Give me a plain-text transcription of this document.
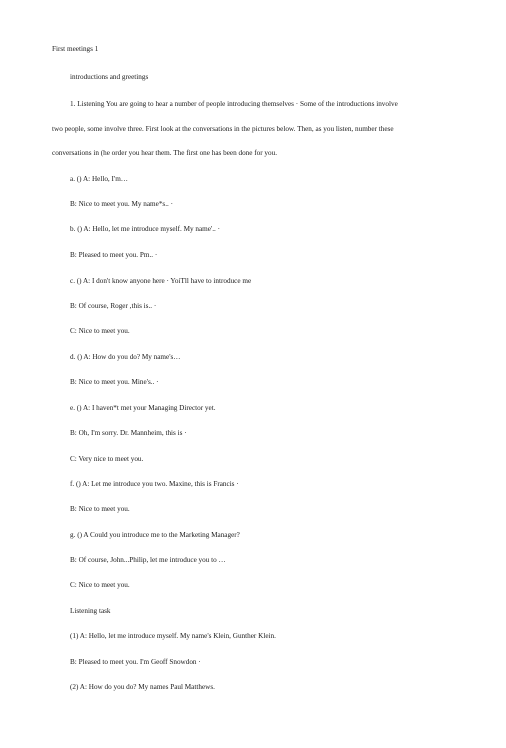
First meetings 1
introductions and greetings
1. Listening You are going to hear a number of people introducing themselves · Some of the introductions involve
two people, some involve three. First look at the conversations in the pictures below. Then, as you listen, number these
conversations in (he order you hear them. The first one has been done for you.
a. () A: Hello, I'm…
B: Nice to meet you. My name*s.. ·
b. () A: Hello, let me introduce myself. My name'.. ·
B: Pleased to meet you. Pm.. ·
c. () A: I don't know anyone here · YoiTll have to introduce me
B: Of course, Roger ,this is.. ·
C: Nice to meet you.
d. () A: How do you do? My name's…
B: Nice to meet you. Mine's.. ·
e. () A: I haven*t met your Managing Director yet.
B: Oh, I'm sorry. Dr. Mannheim, this is ·
C: Very nice to meet you.
f. () A: Let me introduce you two. Maxine, this is Francis ·
B: Nice to meet you.
g. () A Could you introduce me to the Marketing Manager?
B: Of course, John...Philip, let me introduce you to …
C: Nice to meet you.
Listening task
(1) A: Hello, let me introduce myself. My name's Klein, Gunther Klein.
B: Pleased to meet you. I'm Geoff Snowdon ·
(2) A: How do you do? My names Paul Matthews.
